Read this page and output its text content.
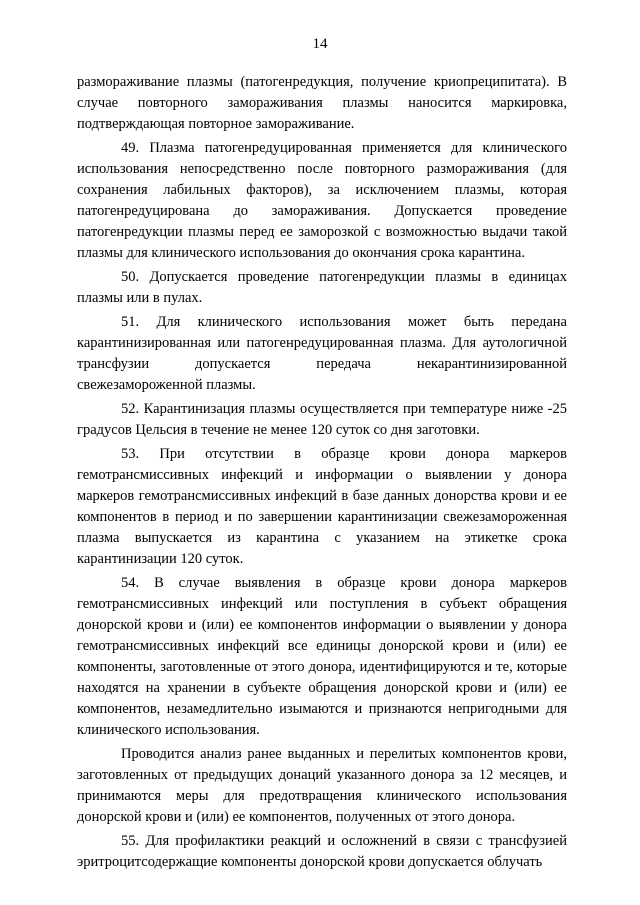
14

размораживание плазмы (патогенредукция, получение криопреципитата). В случае повторного замораживания плазмы наносится маркировка, подтверждающая повторное замораживание.

49. Плазма патогенредуцированная применяется для клинического использования непосредственно после повторного размораживания (для сохранения лабильных факторов), за исключением плазмы, которая патогенредуцирована до замораживания. Допускается проведение патогенредукции плазмы перед ее заморозкой с возможностью выдачи такой плазмы для клинического использования до окончания срока карантина.

50. Допускается проведение патогенредукции плазмы в единицах плазмы или в пулах.

51. Для клинического использования может быть передана карантинизированная или патогенредуцированная плазма. Для аутологичной трансфузии допускается передача некарантинизированной свежезамороженной плазмы.

52. Карантинизация плазмы осуществляется при температуре ниже -25 градусов Цельсия в течение не менее 120 суток со дня заготовки.

53. При отсутствии в образце крови донора маркеров гемотрансмиссивных инфекций и информации о выявлении у донора маркеров гемотрансмиссивных инфекций в базе данных донорства крови и ее компонентов в период и по завершении карантинизации свежезамороженная плазма выпускается из карантина с указанием на этикетке срока карантинизации 120 суток.

54. В случае выявления в образце крови донора маркеров гемотрансмиссивных инфекций или поступления в субъект обращения донорской крови и (или) ее компонентов информации о выявлении у донора гемотрансмиссивных инфекций все единицы донорской крови и (или) ее компоненты, заготовленные от этого донора, идентифицируются и те, которые находятся на хранении в субъекте обращения донорской крови и (или) ее компонентов, незамедлительно изымаются и признаются непригодными для клинического использования.

Проводится анализ ранее выданных и перелитых компонентов крови, заготовленных от предыдущих донаций указанного донора за 12 месяцев, и принимаются меры для предотвращения клинического использования донорской крови и (или) ее компонентов, полученных от этого донора.

55. Для профилактики реакций и осложнений в связи с трансфузией эритроцитсодержащие компоненты донорской крови допускается облучать
